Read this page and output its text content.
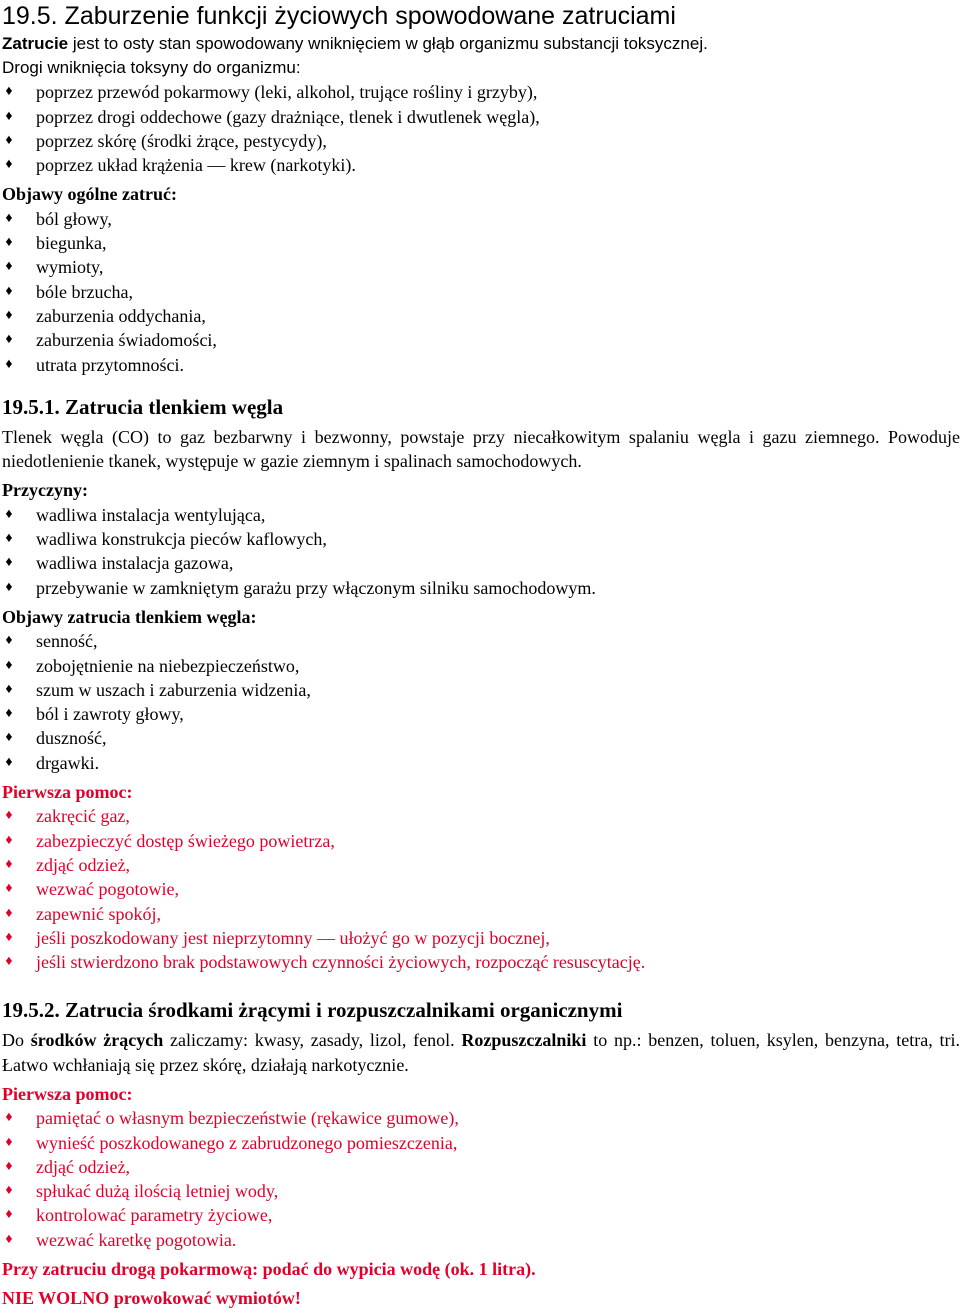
19.5. Zaburzenie funkcji życiowych spowodowane zatruciami

Zatrucie jest to osty stan spowodowany wniknięciem w głąb organizmu substancji toksycznej.

Drogi wniknięcia toksyny do organizmu:

♦ poprzez przewód pokarmowy (leki, alkohol, trujące rośliny i grzyby),
♦ poprzez drogi oddechowe (gazy drażniące, tlenek i dwutlenek węgla),
♦ poprzez skórę (środki żrące, pestycydy),
♦ poprzez układ krążenia — krew (narkotyki).

Objawy ogólne zatruć:

♦ ból głowy,
♦ biegunka,
♦ wymioty,
♦ bóle brzucha,
♦ zaburzenia oddychania,
♦ zaburzenia świadomości,
♦ utrata przytomności.
19.5.1. Zatrucia tlenkiem węgla

Tlenek węgla (CO) to gaz bezbarwny i bezwonny, powstaje przy niecałkowitym spalaniu węgla i gazu ziemnego. Powoduje niedotlenienie tkanek, występuje w gazie ziemnym i spalinach samochodowych.

Przyczyny:

♦ wadliwa instalacja wentylująca,
♦ wadliwa konstrukcja pieców kaflowych,
♦ wadliwa instalacja gazowa,
♦ przebywanie w zamkniętym garażu przy włączonym silniku samochodowym.

Objawy zatrucia tlenkiem węgla:

♦ senność,
♦ zobojętnienie na niebezpieczeństwo,
♦ szum w uszach i zaburzenia widzenia,
♦ ból i zawroty głowy,
♦ duszność,
♦ drgawki.

Pierwsza pomoc:

♦ zakręcić gaz,
♦ zabezpieczyć dostęp świeżego powietrza,
♦ zdjąć odzież,
♦ wezwać pogotowie,
♦ zapewnić spokój,
♦ jeśli poszkodowany jest nieprzytomny — ułożyć go w pozycji bocznej,
♦ jeśli stwierdzono brak podstawowych czynności życiowych, rozpocząć resuscytację.
19.5.2. Zatrucia środkami żrącymi i rozpuszczalnikami organicznymi

Do środków żrących zaliczamy: kwasy, zasady, lizol, fenol. Rozpuszczalniki to np.: benzen, toluen, ksylen, benzyna, tetra, tri. Łatwo wchłaniają się przez skórę, działają narkotycznie.

Pierwsza pomoc:

♦ pamiętać o własnym bezpieczeństwie (rękawice gumowe),
♦ wynieść poszkodowanego z zabrudzonego pomieszczenia,
♦ zdjąć odzież,
♦ spłukać dużą ilością letniej wody,
♦ kontrolować parametry życiowe,
♦ wezwać karetkę pogotowia.

Przy zatruciu drogą pokarmową: podać do wypicia wodę (ok. 1 litra).

NIE WOLNO prowokować wymiotów!
